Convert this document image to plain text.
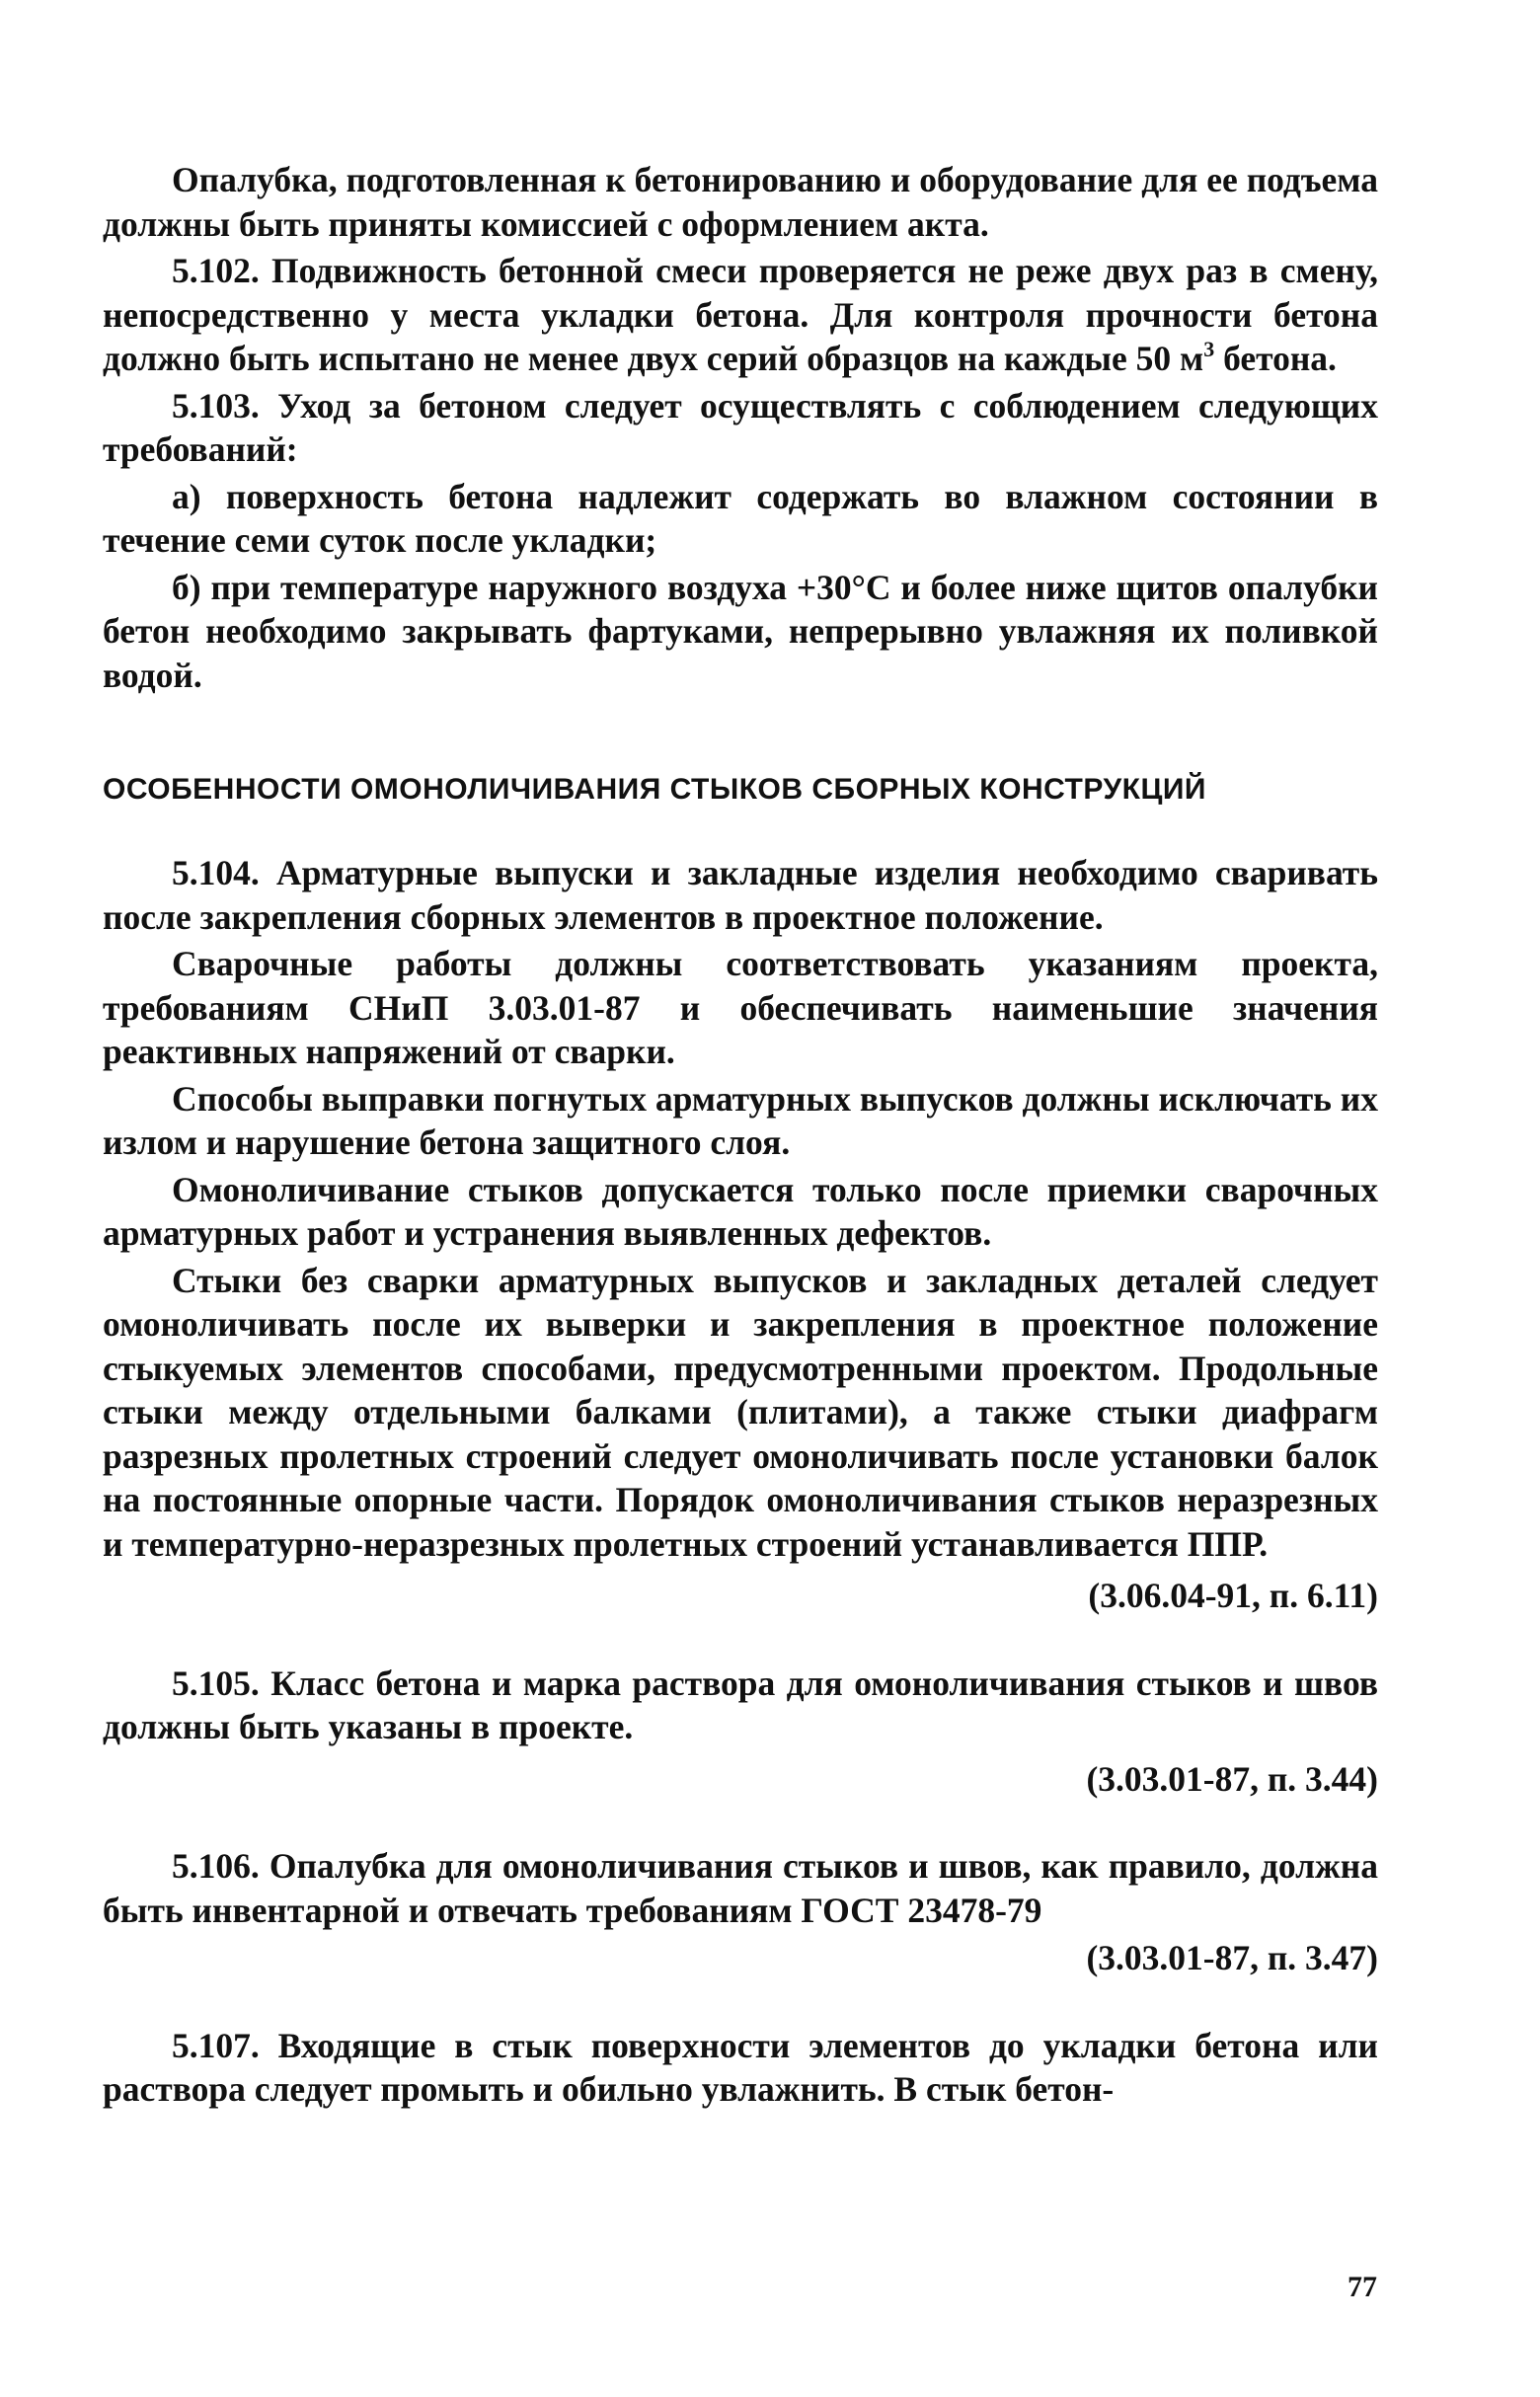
Опалубка, подготовленная к бетонированию и оборудование для ее подъема должны быть приняты комиссией с оформлением акта.

5.102. Подвижность бетонной смеси проверяется не реже двух раз в смену, непосредственно у места укладки бетона. Для контроля прочности бетона должно быть испытано не менее двух серий образцов на каждые 50 $м^3$ бетона.

5.103. Уход за бетоном следует осуществлять с соблюдением следующих требований:

а) поверхность бетона надлежит содержать во влажном состоянии в течение семи суток после укладки;

б) при температуре наружного воздуха +30°С и более ниже щитов опалубки бетон необходимо закрывать фартуками, непрерывно увлажняя их поливкой водой.

ОСОБЕННОСТИ ОМОНОЛИЧИВАНИЯ СТЫКОВ СБОРНЫХ КОНСТРУКЦИЙ

5.104. Арматурные выпуски и закладные изделия необходимо сваривать после закрепления сборных элементов в проектное положение.

Сварочные работы должны соответствовать указаниям проекта, требованиям СНиП 3.03.01-87 и обеспечивать наименьшие значения реактивных напряжений от сварки.

Способы выправки погнутых арматурных выпусков должны исключать их излом и нарушение бетона защитного слоя.

Омоноличивание стыков допускается только после приемки сварочных арматурных работ и устранения выявленных дефектов.

Стыки без сварки арматурных выпусков и закладных деталей следует омоноличивать после их выверки и закрепления в проектное положение стыкуемых элементов способами, предусмотренными проектом. Продольные стыки между отдельными балками (плитами), а также стыки диафрагм разрезных пролетных строений следует омоноличивать после установки балок на постоянные опорные части. Порядок омоноличивания стыков неразрезных и температурно-неразрезных пролетных строений устанавливается ППР.

(3.06.04-91, п. 6.11)

5.105. Класс бетона и марка раствора для омоноличивания стыков и швов должны быть указаны в проекте.

(3.03.01-87, п. 3.44)

5.106. Опалубка для омоноличивания стыков и швов, как правило, должна быть инвентарной и отвечать требованиям ГОСТ 23478-79

(3.03.01-87, п. 3.47)

5.107. Входящие в стык поверхности элементов до укладки бетона или раствора следует промыть и обильно увлажнить. В стык бетон-

77
